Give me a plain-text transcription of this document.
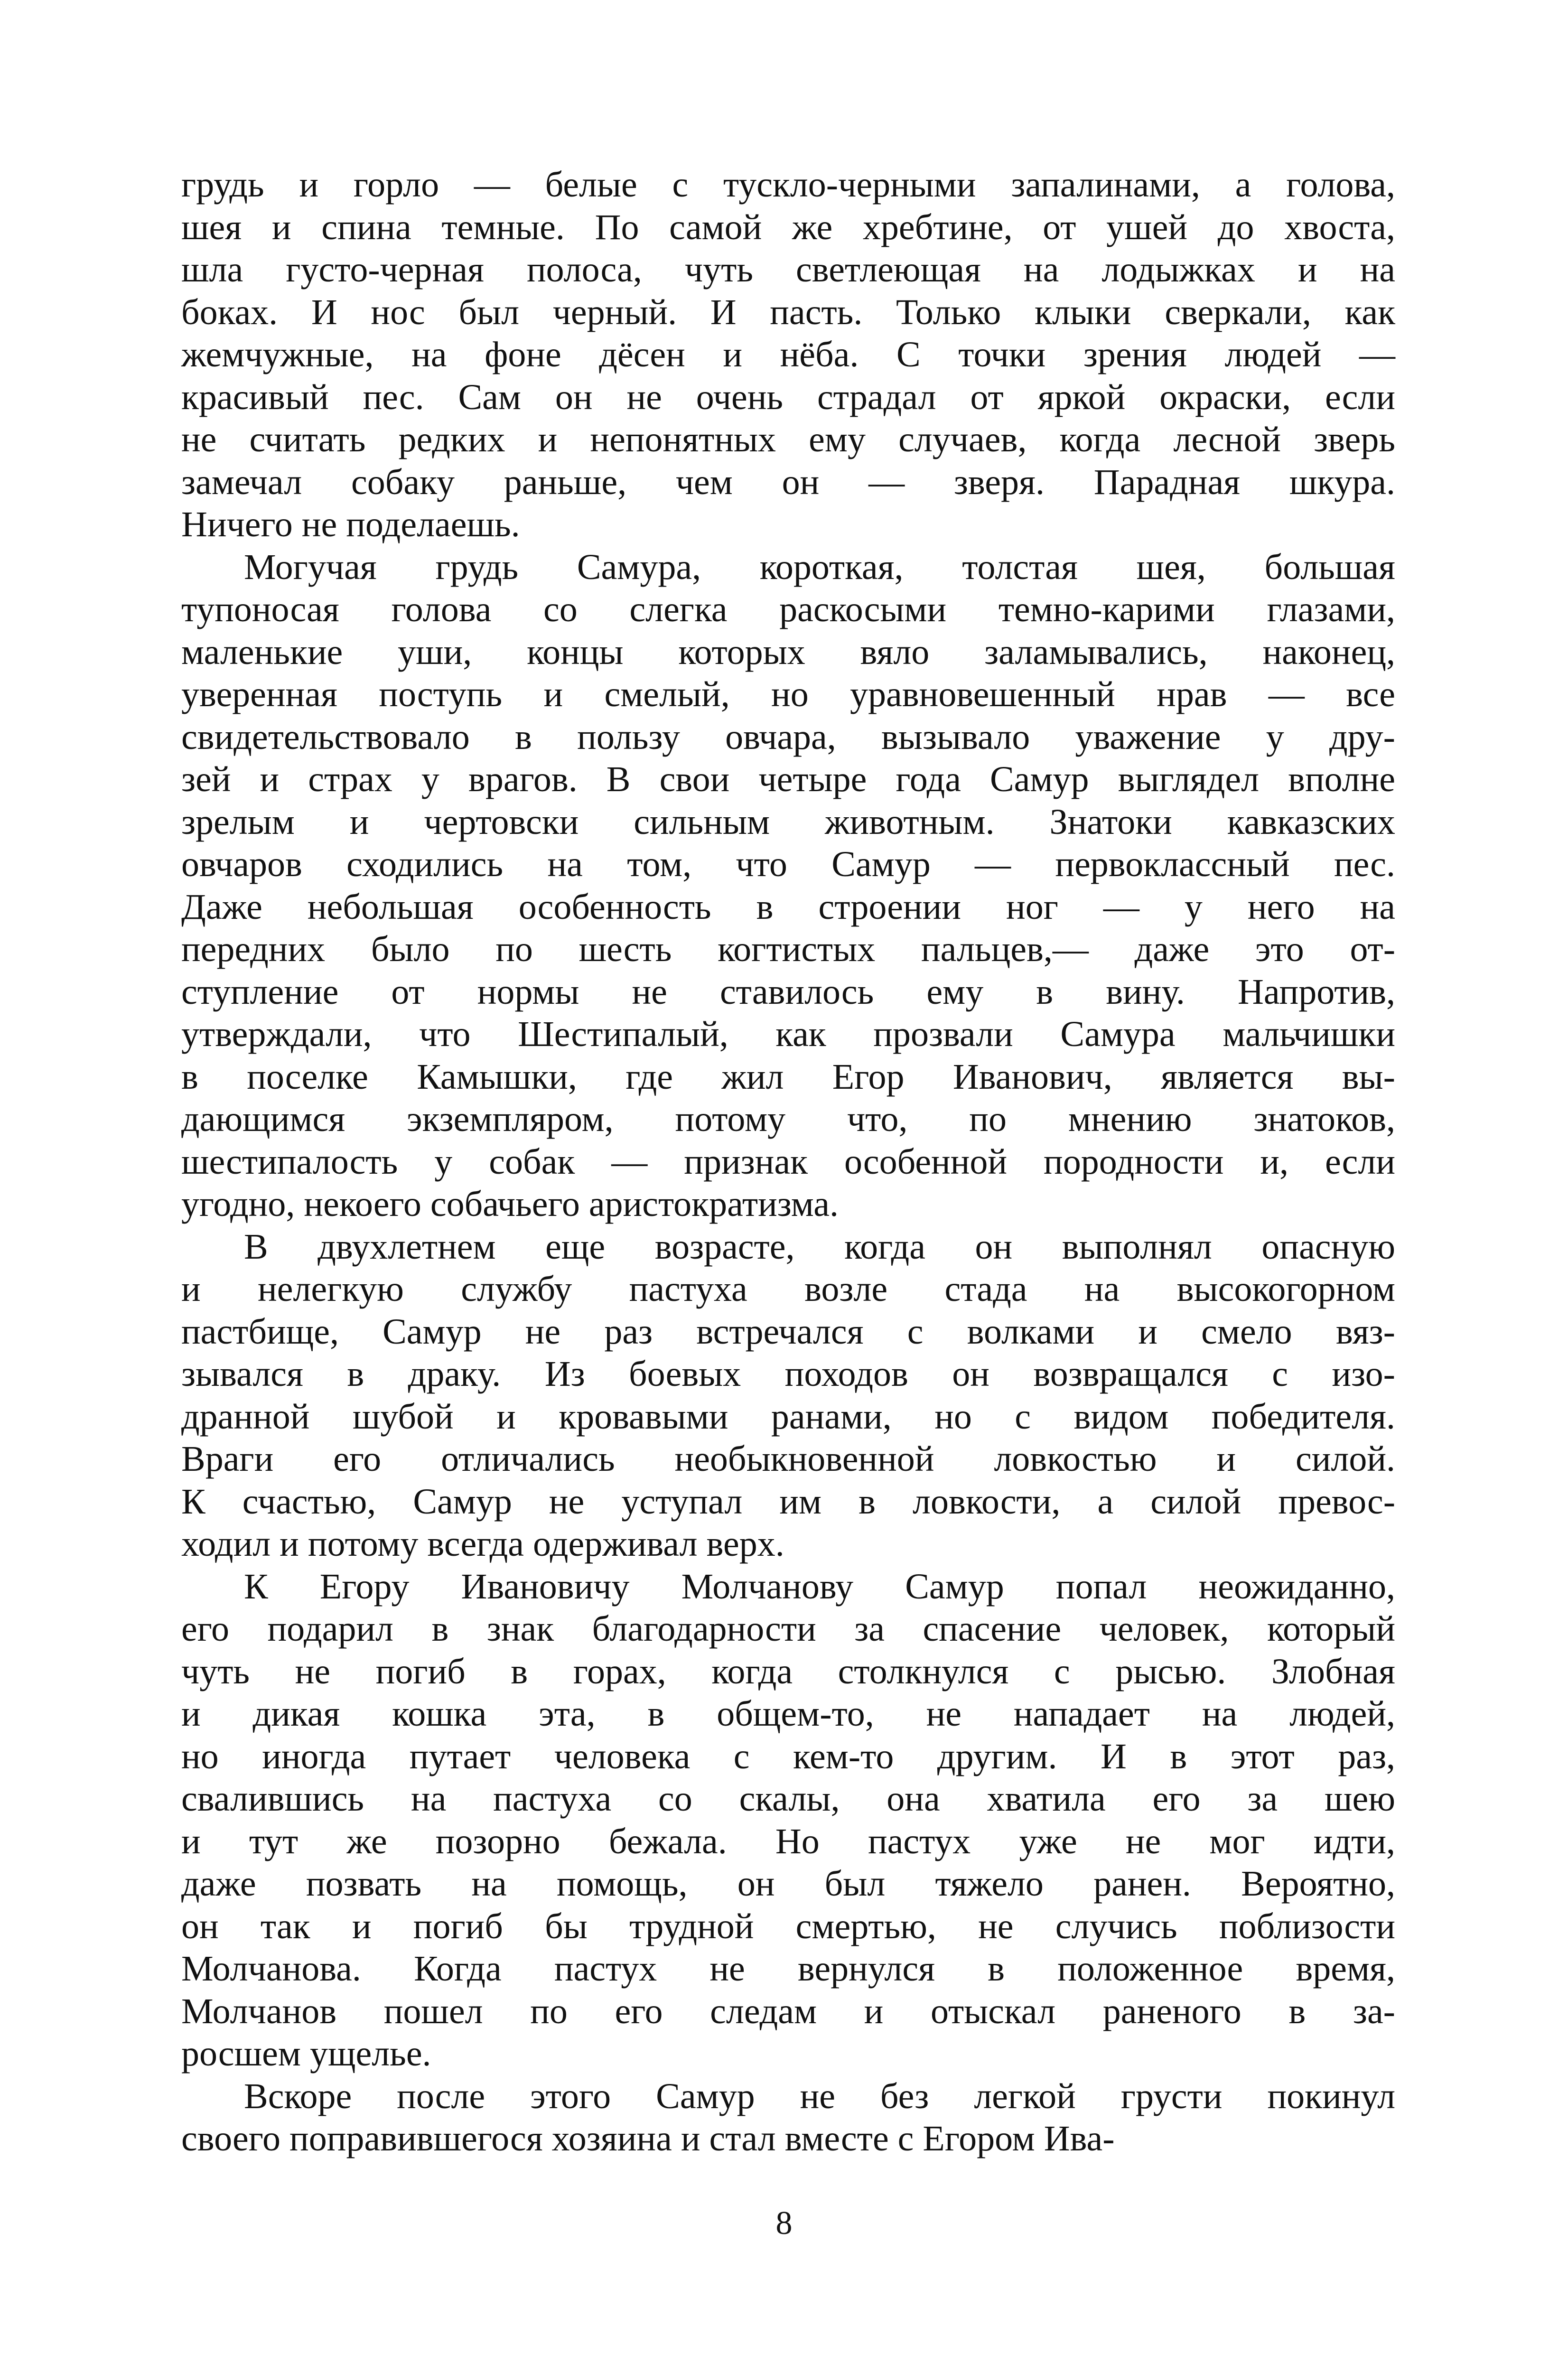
грудь и горло — белые с тускло-черными запалинами, а голова,
шея и спина темные. По самой же хребтине, от ушей до хвоста,
шла густо-черная полоса, чуть светлеющая на лодыжках и на
боках. И нос был черный. И пасть. Только клыки сверкали, как
жемчужные, на фоне дёсен и нёба. С точки зрения людей —
красивый пес. Сам он не очень страдал от яркой окраски, если
не считать редких и непонятных ему случаев, когда лесной зверь
замечал собаку раньше, чем он — зверя. Парадная шкура.
Ничего не поделаешь.
Могучая грудь Самура, короткая, толстая шея, большая
тупоносая голова со слегка раскосыми темно-карими глазами,
маленькие уши, концы которых вяло заламывались, наконец,
уверенная поступь и смелый, но уравновешенный нрав — все
свидетельствовало в пользу овчара, вызывало уважение у дру-
зей и страх у врагов. В свои четыре года Самур выглядел вполне
зрелым и чертовски сильным животным. Знатоки кавказских
овчаров сходились на том, что Самур — первоклассный пес.
Даже небольшая особенность в строении ног — у него на
передних было по шесть когтистых пальцев,— даже это от-
ступление от нормы не ставилось ему в вину. Напротив,
утверждали, что Шестипалый, как прозвали Самура мальчишки
в поселке Камышки, где жил Егор Иванович, является вы-
дающимся экземпляром, потому что, по мнению знатоков,
шестипалость у собак — признак особенной породности и, если
угодно, некоего собачьего аристократизма.
В двухлетнем еще возрасте, когда он выполнял опасную
и нелегкую службу пастуха возле стада на высокогорном
пастбище, Самур не раз встречался с волками и смело вяз-
зывался в драку. Из боевых походов он возвращался с изо-
дранной шубой и кровавыми ранами, но с видом победителя.
Враги его отличались необыкновенной ловкостью и силой.
К счастью, Самур не уступал им в ловкости, а силой превос-
ходил и потому всегда одерживал верх.
К Егору Ивановичу Молчанову Самур попал неожиданно,
его подарил в знак благодарности за спасение человек, который
чуть не погиб в горах, когда столкнулся с рысью. Злобная
и дикая кошка эта, в общем-то, не нападает на людей,
но иногда путает человека с кем-то другим. И в этот раз,
свалившись на пастуха со скалы, она хватила его за шею
и тут же позорно бежала. Но пастух уже не мог идти,
даже позвать на помощь, он был тяжело ранен. Вероятно,
он так и погиб бы трудной смертью, не случись поблизости
Молчанова. Когда пастух не вернулся в положенное время,
Молчанов пошел по его следам и отыскал раненого в за-
росшем ущелье.
Вскоре после этого Самур не без легкой грусти покинул
своего поправившегося хозяина и стал вместе с Егором Ива-
8
